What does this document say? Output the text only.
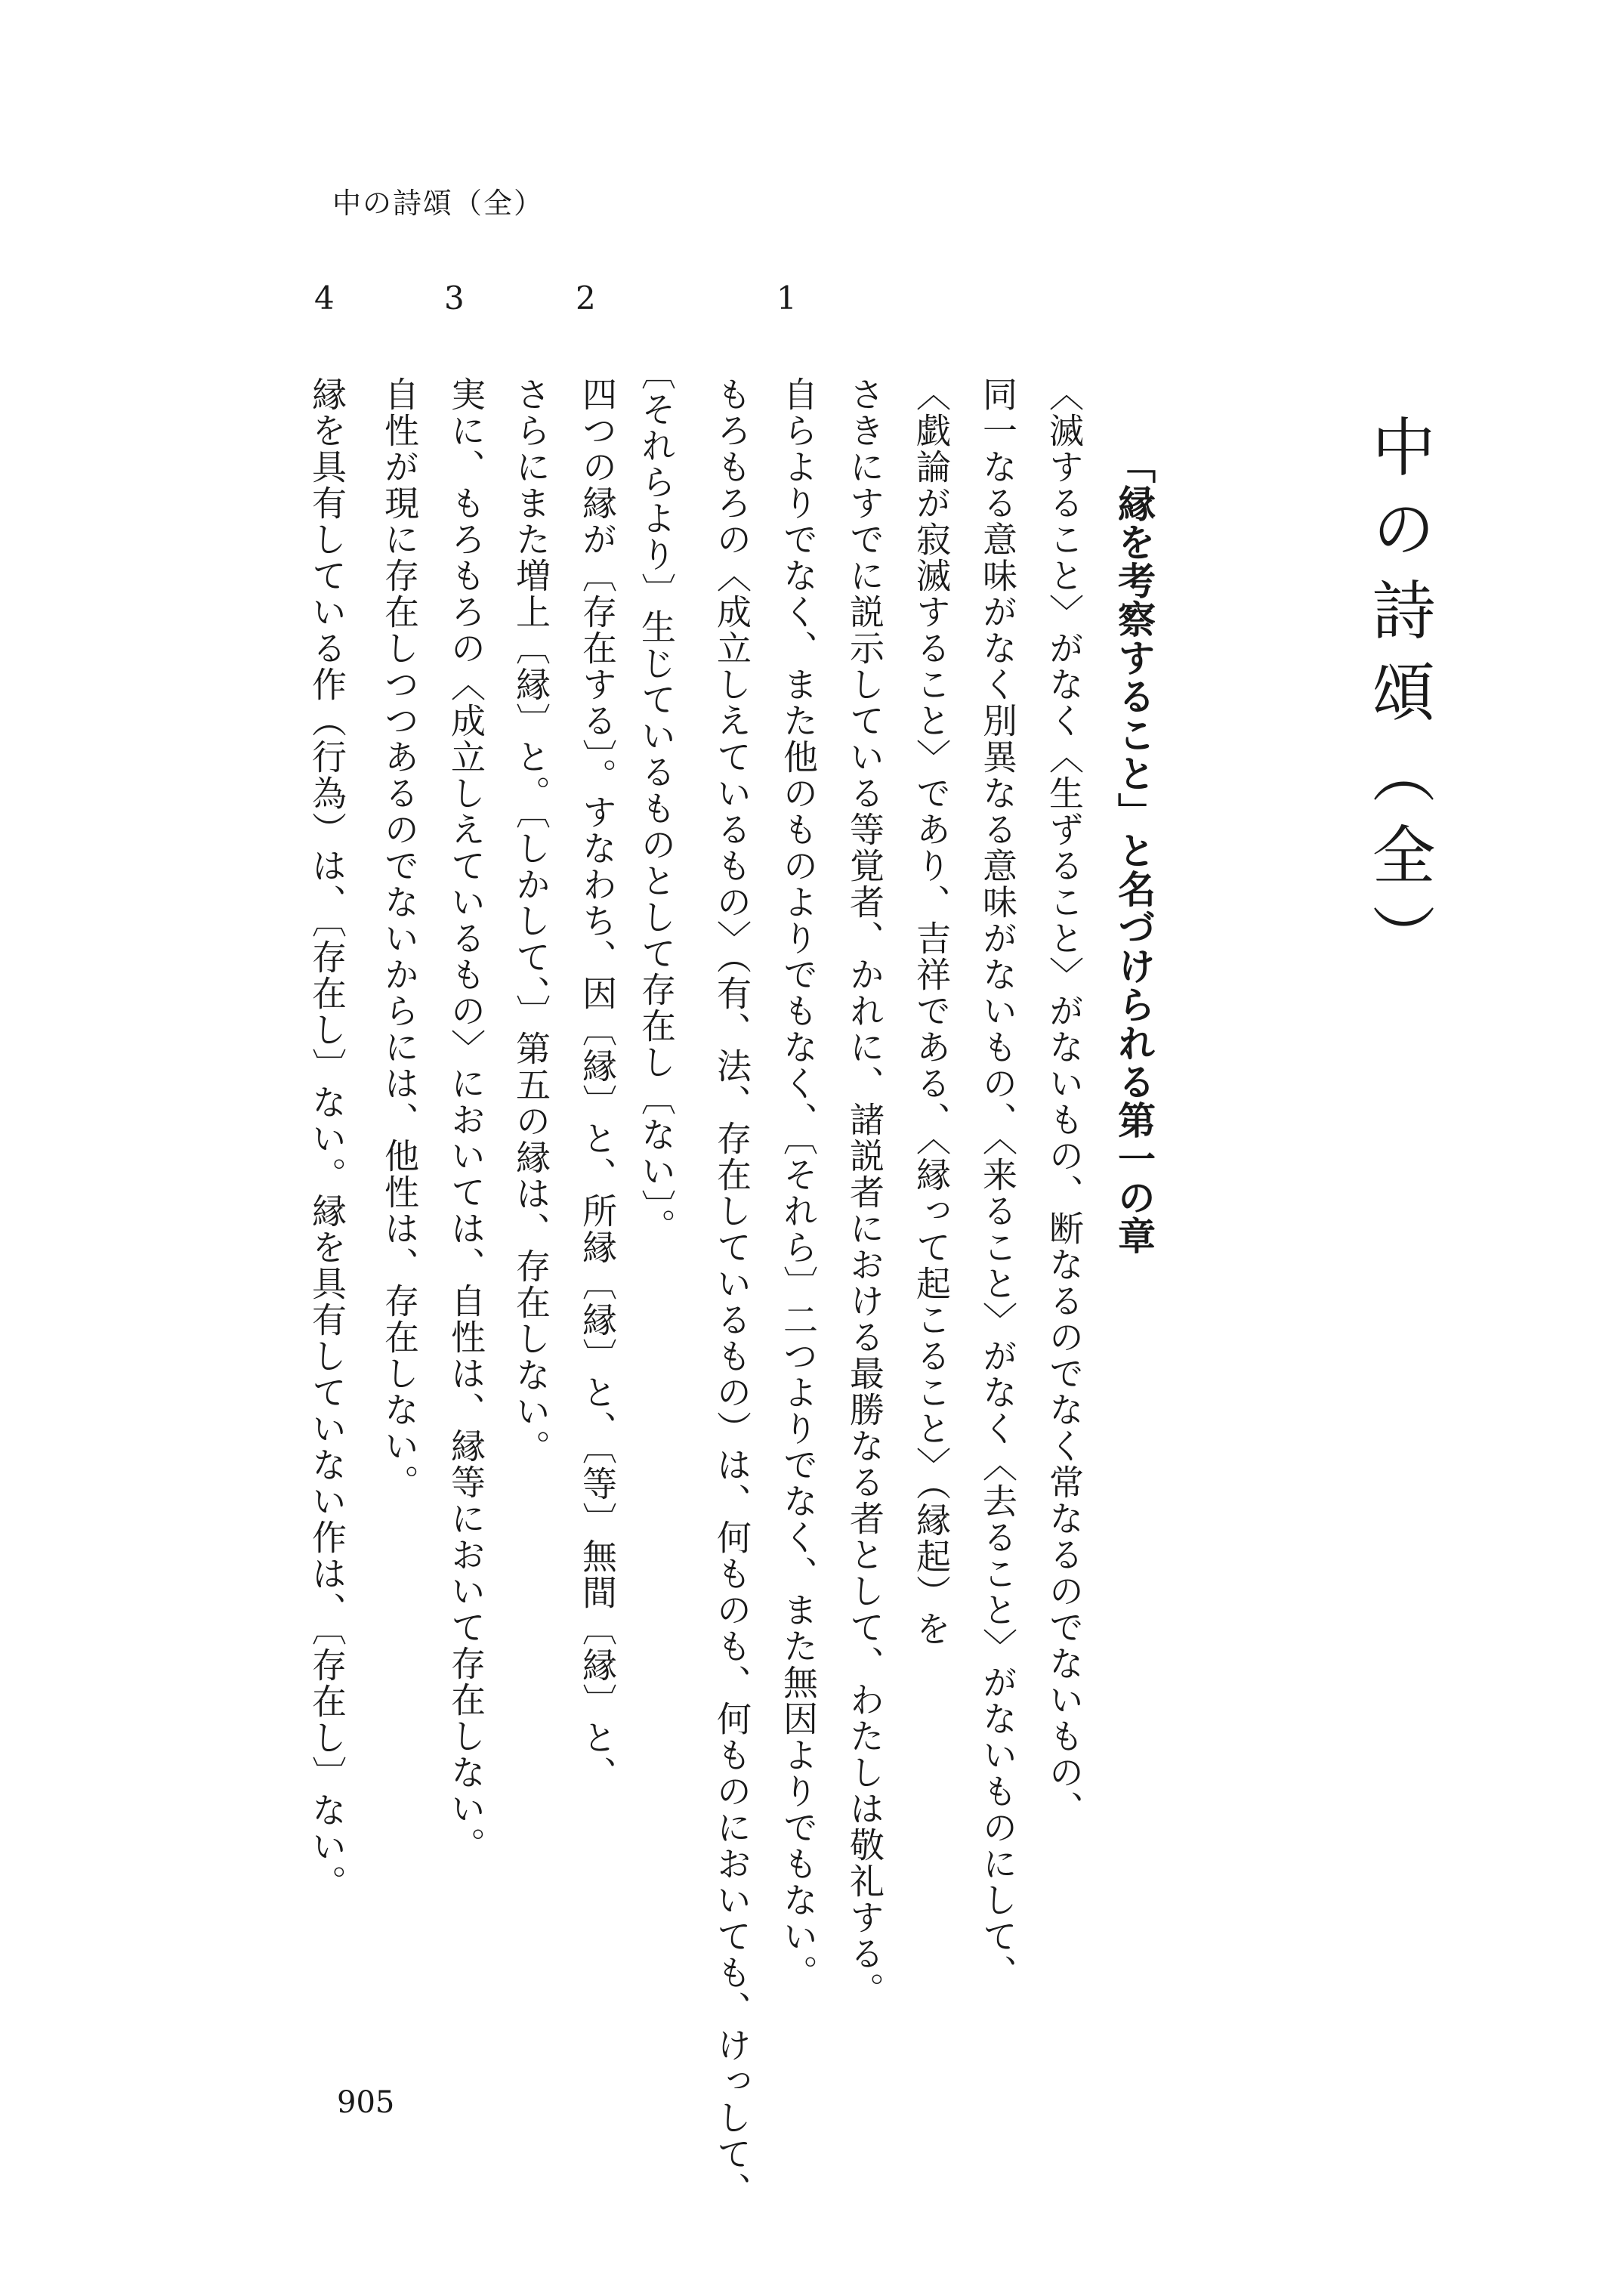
中の詩頌（全）
中の詩頌（全）
「縁を考察すること」と名づけられる第一の章
〈滅すること〉がなく〈生ずること〉がないもの、断なるのでなく常なるのでないもの、
同一なる意味がなく別異なる意味がないもの、〈来ること〉がなく〈去ること〉がないものにして、
〈戯論が寂滅すること〉であり、吉祥である、〈縁って起こること〉（縁起）を
さきにすでに説示している等覚者、かれに、諸説者における最勝なる者として、わたしは敬礼する。
1
自らよりでなく、また他のものよりでもなく、〔それら〕二つよりでなく、また無因よりでもない。
もろもろの〈成立しえているもの〉（有、法、存在しているもの）は、何ものも、何ものにおいても、けっして、
〔それらより〕生じているものとして存在し〔ない〕。
2
四つの縁が〔存在する〕。すなわち、因〔縁〕と、所縁〔縁〕と、〔等〕無間〔縁〕と、
さらにまた増上〔縁〕と。〔しかして、〕第五の縁は、存在しない。
3
実に、もろもろの〈成立しえているもの〉においては、自性は、縁等において存在しない。
自性が現に存在しつつあるのでないからには、他性は、存在しない。
4
縁を具有している作（行為）は、〔存在し〕ない。縁を具有していない作は、〔存在し〕ない。
905
